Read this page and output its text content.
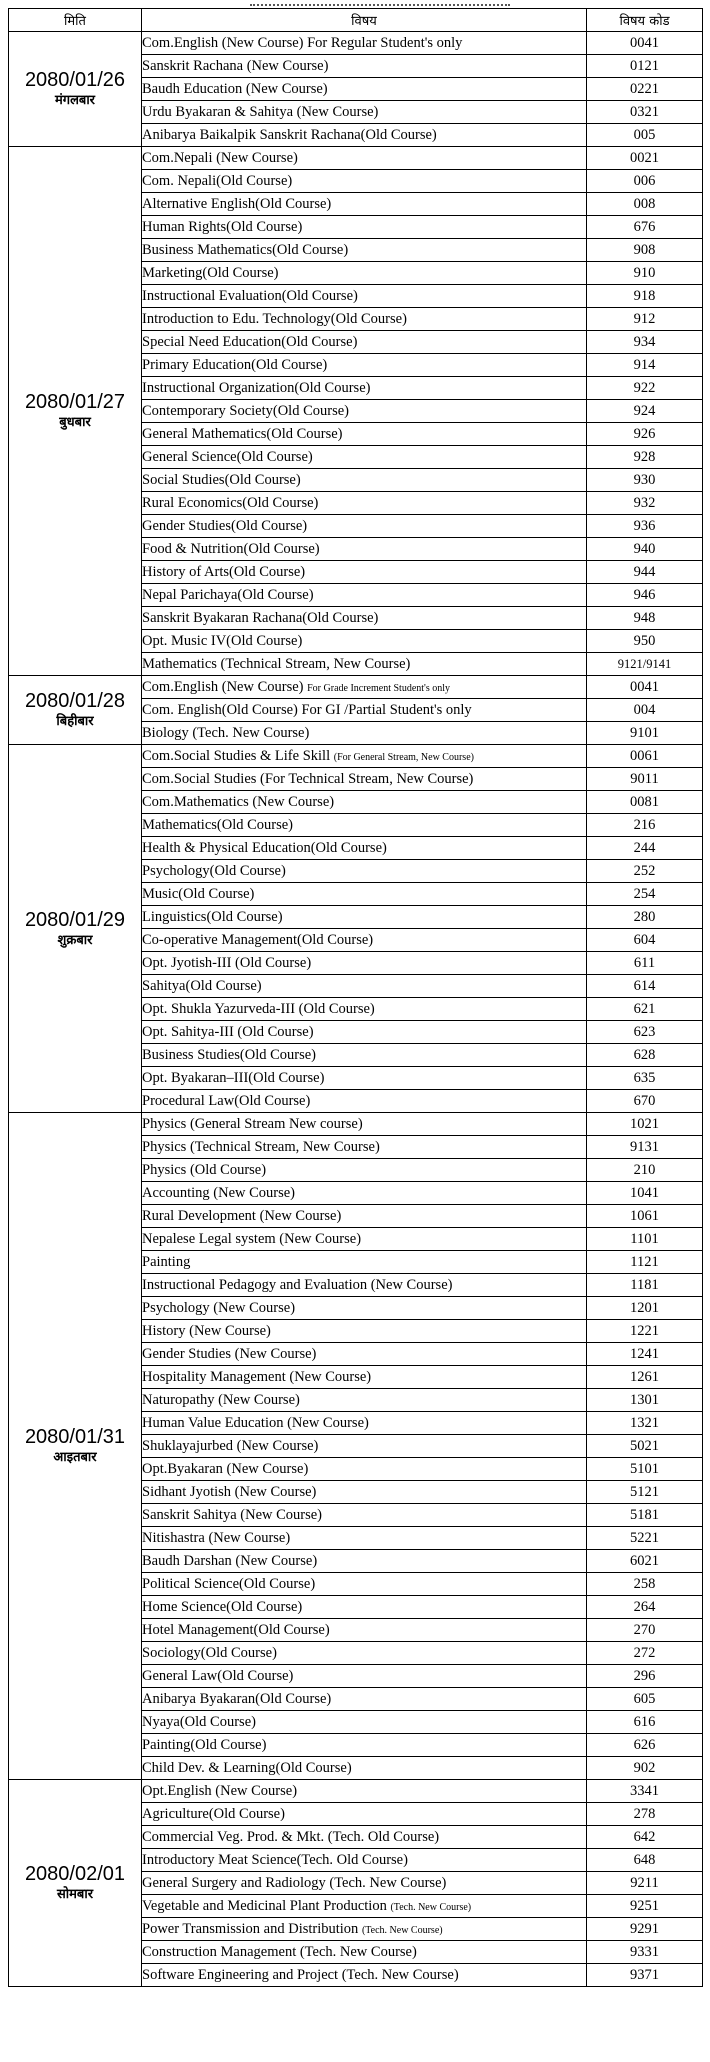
मिति	विषय	विषय कोड

2080/01/26
मंगलबार	Com.English (New Course) For Regular Student's only	0041
	Sanskrit Rachana (New Course)	0121
	Baudh Education (New Course)	0221
	Urdu Byakaran & Sahitya (New Course)	0321
	Anibarya Baikalpik Sanskrit Rachana(Old Course)	005

2080/01/27
बुधबार	Com.Nepali (New Course)	0021
	Com. Nepali(Old Course)	006
	Alternative English(Old Course)	008
	Human Rights(Old Course)	676
	Business Mathematics(Old Course)	908
	Marketing(Old Course)	910
	Instructional Evaluation(Old Course)	918
	Introduction to Edu. Technology(Old Course)	912
	Special Need Education(Old Course)	934
	Primary Education(Old Course)	914
	Instructional Organization(Old Course)	922
	Contemporary Society(Old Course)	924
	General Mathematics(Old Course)	926
	General Science(Old Course)	928
	Social Studies(Old Course)	930
	Rural Economics(Old Course)	932
	Gender Studies(Old Course)	936
	Food & Nutrition(Old Course)	940
	History of Arts(Old Course)	944
	Nepal Parichaya(Old Course)	946
	Sanskrit Byakaran Rachana(Old Course)	948
	Opt. Music IV(Old Course)	950
	Mathematics (Technical Stream, New Course)	9121/9141

2080/01/28
बिहीबार	Com.English (New Course) For Grade Increment Student's only	0041
	Com. English(Old Course) For GI /Partial Student's only	004
	Biology (Tech. New Course)	9101

2080/01/29
शुक्रबार	Com.Social Studies & Life Skill (For General Stream, New Course)	0061
	Com.Social Studies (For Technical Stream, New Course)	9011
	Com.Mathematics (New Course)	0081
	Mathematics(Old Course)	216
	Health & Physical Education(Old Course)	244
	Psychology(Old Course)	252
	Music(Old Course)	254
	Linguistics(Old Course)	280
	Co-operative Management(Old Course)	604
	Opt. Jyotish-III (Old Course)	611
	Sahitya(Old Course)	614
	Opt. Shukla Yazurveda-III (Old Course)	621
	Opt. Sahitya-III (Old Course)	623
	Business Studies(Old Course)	628
	Opt. Byakaran–III(Old Course)	635
	Procedural Law(Old Course)	670

2080/01/31
आइतबार	Physics (General Stream New course)	1021
	Physics (Technical Stream, New Course)	9131
	Physics (Old Course)	210
	Accounting (New Course)	1041
	Rural Development (New Course)	1061
	Nepalese Legal system (New Course)	1101
	Painting	1121
	Instructional Pedagogy and Evaluation (New Course)	1181
	Psychology (New Course)	1201
	History (New Course)	1221
	Gender Studies (New Course)	1241
	Hospitality Management (New Course)	1261
	Naturopathy (New Course)	1301
	Human Value Education (New Course)	1321
	Shuklayajurbed (New Course)	5021
	Opt.Byakaran (New Course)	5101
	Sidhant Jyotish (New Course)	5121
	Sanskrit Sahitya (New Course)	5181
	Nitishastra (New Course)	5221
	Baudh Darshan (New Course)	6021
	Political Science(Old Course)	258
	Home Science(Old Course)	264
	Hotel Management(Old Course)	270
	Sociology(Old Course)	272
	General Law(Old Course)	296
	Anibarya Byakaran(Old Course)	605
	Nyaya(Old Course)	616
	Painting(Old Course)	626
	Child Dev. & Learning(Old Course)	902

2080/02/01
सोमबार	Opt.English (New Course)	3341
	Agriculture(Old Course)	278
	Commercial Veg. Prod. & Mkt. (Tech. Old Course)	642
	Introductory Meat Science(Tech. Old Course)	648
	General Surgery and Radiology (Tech. New Course)	9211
	Vegetable and Medicinal Plant Production (Tech. New Course)	9251
	Power Transmission and Distribution (Tech. New Course)	9291
	Construction Management (Tech. New Course)	9331
	Software Engineering and Project (Tech. New Course)	9371
